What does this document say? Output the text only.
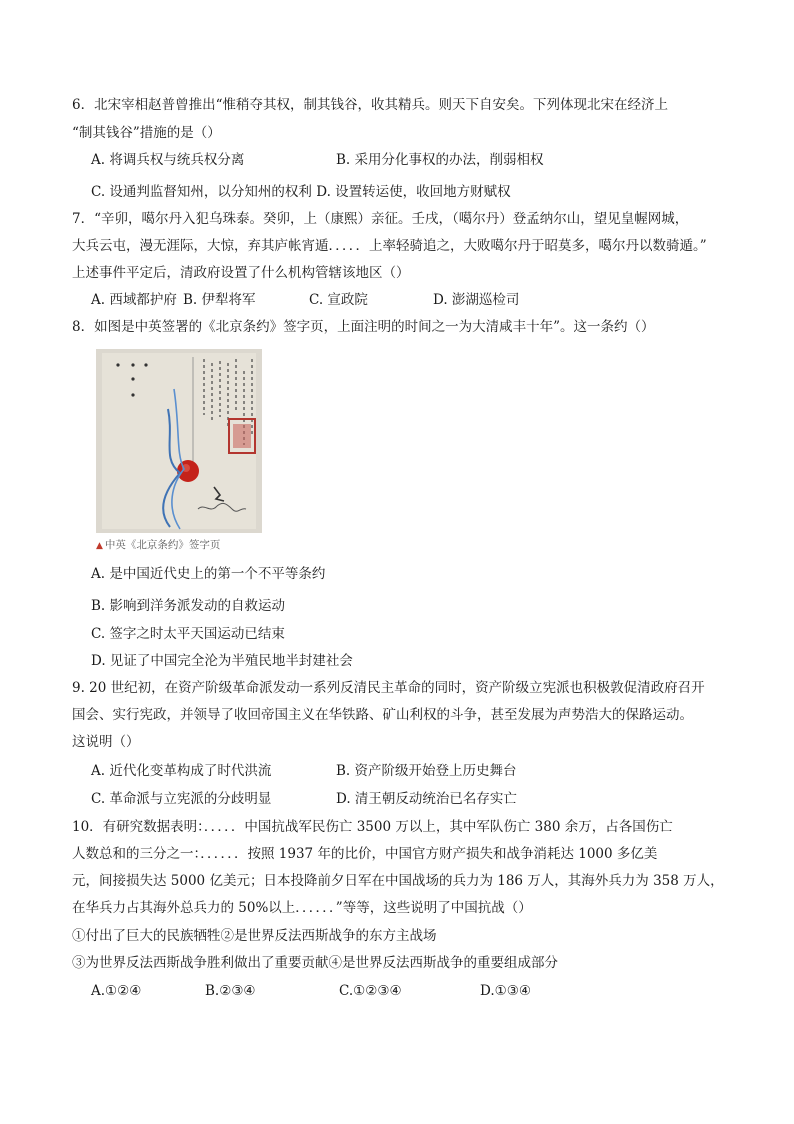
6．北宋宰相赵普曾推出“惟稍夺其权，制其钱谷，收其精兵。则天下自安矣。下列体现北宋在经济上
“制其钱谷”措施的是（）
A. 将调兵权与统兵权分离	B. 采用分化事权的办法，削弱相权
C. 设通判监督知州，以分知州的权利 D. 设置转运使，收回地方财赋权
7．“辛卯，噶尔丹入犯乌珠泰。癸卯，上（康熙）亲征。壬戌，（噶尔丹）登孟纳尔山，望见皇幄网城，
大兵云屯，漫无涯际，大惊，弃其庐帐宵遁．．．．．上率轻骑追之，大败噶尔丹于昭莫多，噶尔丹以数骑遁。”
上述事件平定后，清政府设置了什么机构管辖该地区（）
A. 西域都护府 B. 伊犁将军	C. 宣政院	D. 澎湖巡检司
8．如图是中英签署的《北京条约》签字页，上面注明的时间之一为大清咸丰十年”。这一条约（）
▲ 中英《北京条约》签字页
A. 是中国近代史上的第一个不平等条约
B. 影响到洋务派发动的自救运动
C. 签字之时太平天国运动已结束
D. 见证了中国完全沦为半殖民地半封建社会
9. 20 世纪初，在资产阶级革命派发动一系列反清民主革命的同时，资产阶级立宪派也积极敦促清政府召开
国会、实行宪政，并领导了收回帝国主义在华铁路、矿山利权的斗争，甚至发展为声势浩大的保路运动。
这说明（）
A. 近代化变革构成了时代洪流	B. 资产阶级开始登上历史舞台
C. 革命派与立宪派的分歧明显	D. 清王朝反动统治已名存实亡
10．有研究数据表明：．．．．．中国抗战军民伤亡 3500 万以上，其中军队伤亡 380 余万，占各国伤亡
人数总和的三分之一：．．．．．．按照 1937 年的比价，中国官方财产损失和战争消耗达 1000 多亿美
元，间接损失达 5000 亿美元；日本投降前夕日军在中国战场的兵力为 186 万人，其海外兵力为 358 万人，
在华兵力占其海外总兵力的 50%以上．．．．．．”等等，这些说明了中国抗战（）
①付出了巨大的民族牺牲②是世界反法西斯战争的东方主战场
③为世界反法西斯战争胜利做出了重要贡献④是世界反法西斯战争的重要组成部分
A.①②④	B.②③④	C.①②③④	D.①③④
